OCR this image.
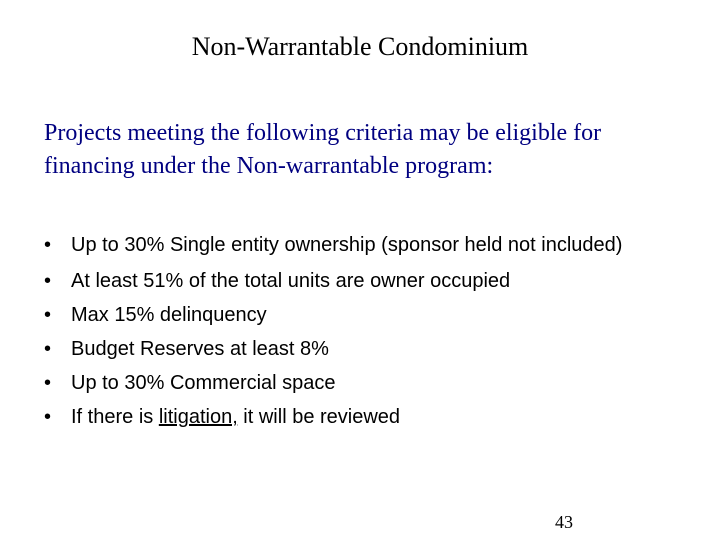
Non-Warrantable Condominium

Projects meeting the following criteria may be eligible for financing under the Non-warrantable program:

• Up to 30% Single entity ownership (sponsor held not included)
• At least 51% of the total units are owner occupied
• Max 15% delinquency
• Budget Reserves at least 8%
• Up to 30% Commercial space
• If there is litigation, it will be reviewed
43
